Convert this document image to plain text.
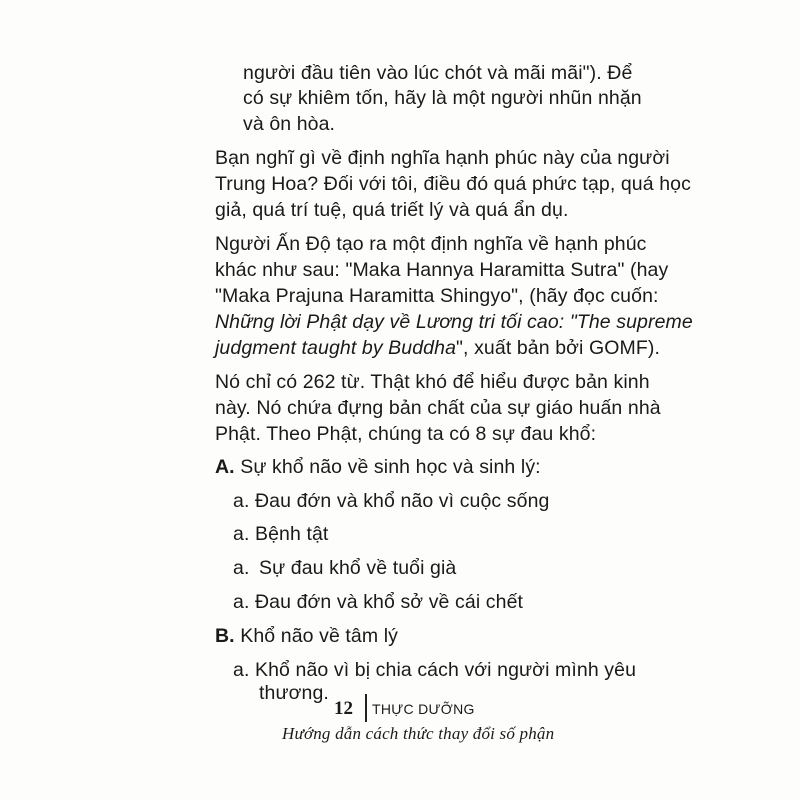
người đầu tiên vào lúc chót và mãi mãi"). Để

có sự khiêm tốn, hãy là một người nhũn nhặn

và ôn hòa.

Bạn nghĩ gì về định nghĩa hạnh phúc này của người

Trung Hoa? Đối với tôi, điều đó quá phức tạp, quá học

giả, quá trí tuệ, quá triết lý và quá ẩn dụ.

Người Ấn Độ tạo ra một định nghĩa về hạnh phúc

khác như sau: "Maka Hannya Haramitta Sutra" (hay

"Maka Prajuna Haramitta Shingyo", (hãy đọc cuốn:

Những lời Phật dạy về Lương tri tối cao: "The supreme

judgment taught by Buddha", xuất bản bởi GOMF).

Nó chỉ có 262 từ. Thật khó để hiểu được bản kinh

này. Nó chứa đựng bản chất của sự giáo huấn nhà

Phật. Theo Phật, chúng ta có 8 sự đau khổ:

A. Sự khổ não về sinh học và sinh lý:

a. Đau đớn và khổ não vì cuộc sống

a. Bệnh tật

a. Sự đau khổ về tuổi già

a. Đau đớn và khổ sở về cái chết

B. Khổ não về tâm lý

a. Khổ não vì bị chia cách với người mình yêu

12 THỰC DƯỠNG
Hướng dẫn cách thức thay đổi số phận

thương.
